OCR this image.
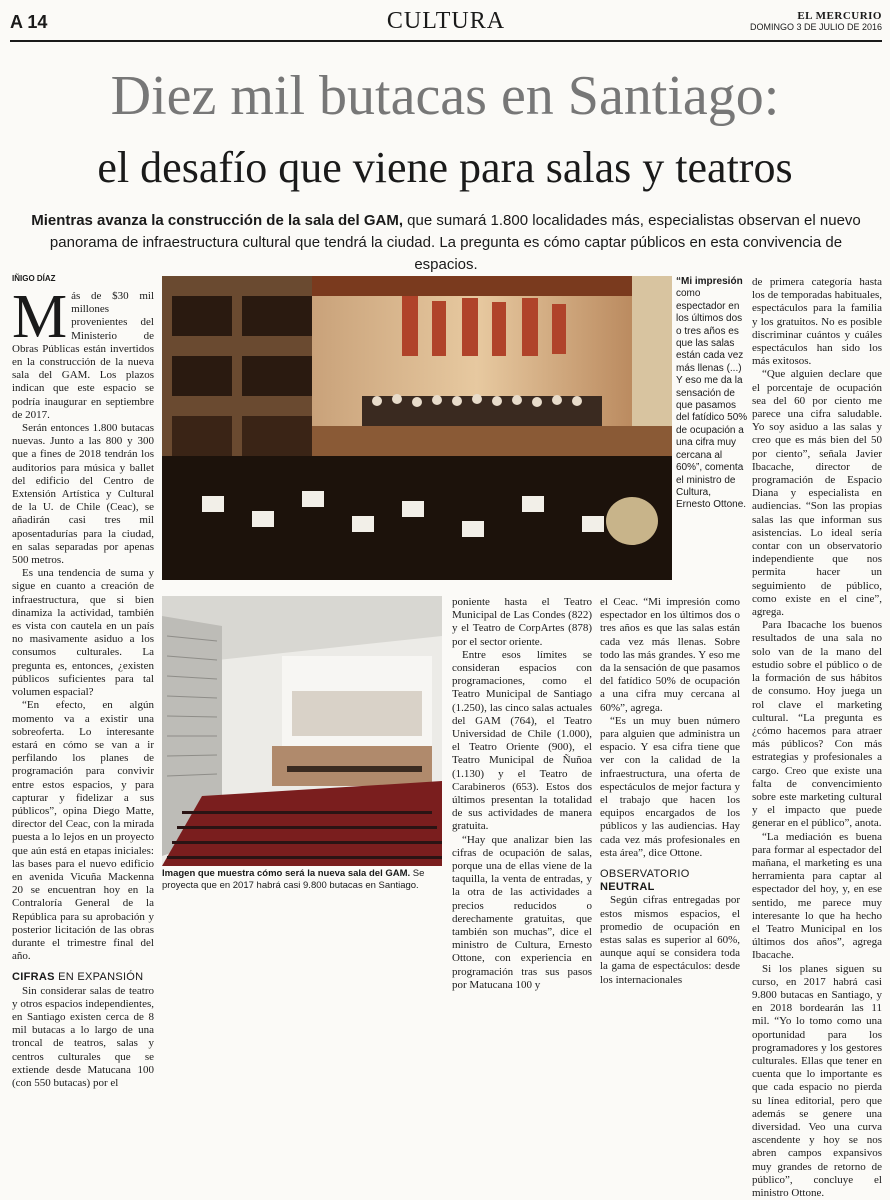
A 14	CULTURA	EL MERCURIO
DOMINGO 3 DE JULIO DE 2016
Diez mil butacas en Santiago:
el desafío que viene para salas y teatros
Mientras avanza la construcción de la sala del GAM, que sumará 1.800 localidades más, especialistas observan el nuevo panorama de infraestructura cultural que tendrá la ciudad. La pregunta es cómo captar públicos en esta convivencia de espacios.
IÑIGO DÍAZ

Más de $30 mil millones provenientes del Ministerio de Obras Públicas están invertidos en la construcción de la nueva sala del GAM. Los plazos indican que este espacio se podría inaugurar en septiembre de 2017.

Serán entonces 1.800 butacas nuevas. Junto a las 800 y 300 que a fines de 2018 tendrán los auditorios para música y ballet del edificio del Centro de Extensión Artística y Cultural de la U. de Chile (Ceac), se añadirán casi tres mil aposentadurías para la ciudad, en salas separadas por apenas 500 metros.

Es una tendencia de suma y sigue en cuanto a creación de infraestructura, que si bien dinamiza la actividad, también es vista con cautela en un país no masivamente asiduo a los consumos culturales. La pregunta es, entonces, ¿existen públicos suficientes para tal volumen espacial?

“En efecto, en algún momento va a existir una sobreoferta. Lo interesante estará en cómo se van a ir perfilando los planes de programación para convivir entre estos espacios, y para capturar y fidelizar a sus públicos”, opina Diego Matte, director del Ceac, con la mirada puesta a lo lejos en un proyecto que aún está en etapas iniciales: las bases para el nuevo edificio en avenida Vicuña Mackenna 20 se encuentran hoy en la Contraloría General de la República para su aprobación y posterior licitación de las obras durante el trimestre final del año.

CIFRAS EN EXPANSIÓN

Sin considerar salas de teatro y otros espacios independientes, en Santiago existen cerca de 8 mil butacas a lo largo de una troncal de teatros, salas y centros culturales que se extiende desde Matucana 100 (con 550 butacas) por el

“Mi impresión como espectador en los últimos dos o tres años es que las salas están cada vez más llenas (...) Y eso me da la sensación de que pasamos del fatídico 50% de ocupación a una cifra muy cercana al 60%”, comenta el ministro de Cultura, Ernesto Ottone.
Imagen que muestra cómo será la nueva sala del GAM. Se proyecta que en 2017 habrá casi 9.800 butacas en Santiago.

poniente hasta el Teatro Municipal de Las Condes (822) y el Teatro de CorpArtes (878) por el sector oriente.

Entre esos límites se consideran espacios con programaciones, como el Teatro Municipal de Santiago (1.250), las cinco salas actuales del GAM (764), el Teatro Universidad de Chile (1.000), el Teatro Oriente (900), el Teatro Municipal de Ñuñoa (1.130) y el Teatro de Carabineros (653). Estos dos últimos presentan la totalidad de sus actividades de manera gratuita.

“Hay que analizar bien las cifras de ocupación de salas, porque una de ellas viene de la taquilla, la venta de entradas, y la otra de las actividades a precios reducidos o derechamente gratuitas, que también son muchas”, dice el ministro de Cultura, Ernesto Ottone, con experiencia en programación tras sus pasos por Matucana 100 y

el Ceac. “Mi impresión como espectador en los últimos dos o tres años es que las salas están cada vez más llenas. Sobre todo las más grandes. Y eso me da la sensación de que pasamos del fatídico 50% de ocupación a una cifra muy cercana al 60%”, agrega.

“Es un muy buen número para alguien que administra un espacio. Y esa cifra tiene que ver con la calidad de la infraestructura, una oferta de espectáculos de mejor factura y el trabajo que hacen los equipos encargados de los públicos y las audiencias. Hay cada vez más profesionales en esta área”, dice Ottone.

OBSERVATORIO NEUTRAL

Según cifras entregadas por estos mismos espacios, el promedio de ocupación en estas salas es superior al 60%, aunque aquí se considera toda la gama de espectáculos: desde los internacionales

de primera categoría hasta los de temporadas habituales, espectáculos para la familia y los gratuitos. No es posible discriminar cuántos y cuáles espectáculos han sido los más exitosos.

“Que alguien declare que el porcentaje de ocupación sea del 60 por ciento me parece una cifra saludable. Yo soy asiduo a las salas y creo que es más bien del 50 por ciento”, señala Javier Ibacache, director de programación de Espacio Diana y especialista en audiencias. “Son las propias salas las que informan sus asistencias. Lo ideal sería contar con un observatorio independiente que nos permita hacer un seguimiento de público, como existe en el cine”, agrega.

Para Ibacache los buenos resultados de una sala no solo van de la mano del estudio sobre el público o de la formación de sus hábitos de consumo. Hoy juega un rol clave el marketing cultural. “La pregunta es ¿cómo hacemos para atraer más públicos? Con más estrategias y profesionales a cargo. Creo que existe una falta de convencimiento sobre este marketing cultural y el impacto que puede generar en el público”, anota.

“La mediación es buena para formar al espectador del mañana, el marketing es una herramienta para captar al espectador del hoy, y, en ese sentido, me parece muy interesante lo que ha hecho el Teatro Municipal en los últimos dos años”, agrega Ibacache.

Si los planes siguen su curso, en 2017 habrá casi 9.800 butacas en Santiago, y en 2018 bordearán las 11 mil. “Yo lo tomo como una oportunidad para los programadores y los gestores culturales. Ellas que tener en cuenta que lo importante es que cada espacio no pierda su línea editorial, pero que además se genere una diversidad. Veo una curva ascendente y hoy se nos abren campos expansivos muy grandes de retorno de público”, concluye el ministro Ottone.
